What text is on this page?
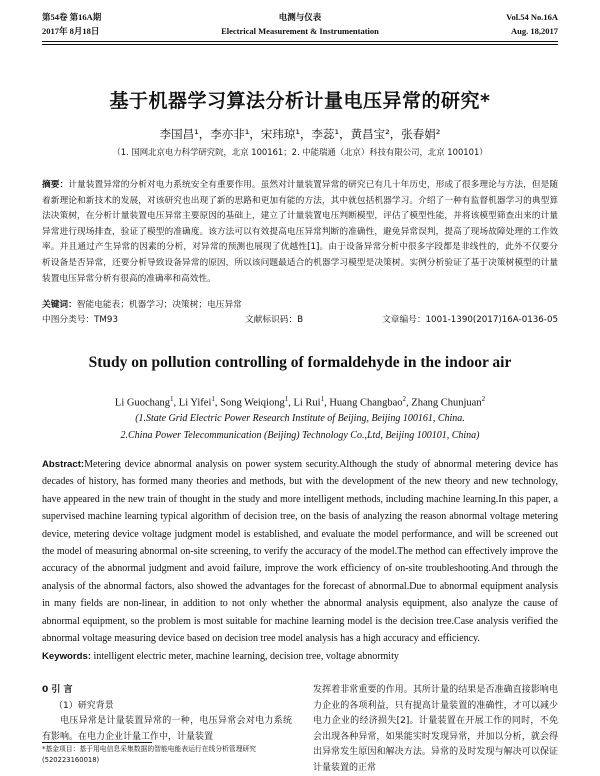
第54卷 第16A期
2017年 8月18日
电测与仪表
Electrical Measurement & Instrumentation
Vol.54 No.16A
Aug. 18,2017
基于机器学习算法分析计量电压异常的研究*
李国昌¹，李亦非¹，宋玮琼¹，李蕊¹，黄昌宝²，张春娟²
（1. 国网北京电力科学研究院，北京 100161；2. 中能瑞通（北京）科技有限公司，北京 100101）
摘要：计量装置异常的分析对电力系统安全有重要作用。虽然对计量装置异常的研究已有几十年历史，形成了很多理论与方法，但是随着新理论和新技术的发展，对该研究也出现了新的思路和更加有能的方法，其中就包括机器学习。介绍了一种有监督机器学习的典型算法决策树，在分析计量装置电压异常主要原因的基础上，建立了计量装置电压判断模型，评估了模型性能，并将该模型筛查出来的计量异常进行现场排查，验证了模型的准确度。该方法可以有效提高电压异常判断的准确性，避免异常误判，提高了现场故障处理的工作效率。并且通过产生异常的因素的分析，对异常的预测也展现了优越性[1]。由于设备异常分析中很多字段都是非线性的，此外不仅要分析设备是否异常，还要分析导致设备异常的原因，所以该问题最适合的机器学习模型是决策树。实例分析验证了基于决策树模型的计量装置电压异常分析有很高的准确率和高效性。
关键词：智能电能表；机器学习；决策树；电压异常
中图分类号：TM93	文献标识码：B	文章编号：1001-1390(2017)16A-0136-05
Study on pollution controlling of formaldehyde in the indoor air
Li Guochang$^1$, Li Yifei$^1$, Song Weiqiong$^1$, Li Rui$^1$, Huang Changbao$^2$, Zhang Chunjuan$^2$
(1.State Grid Electric Power Research Institute of Beijing, Beijing 100161, China.
2.China Power Telecommunication (Beijing) Technology Co.,Ltd, Beijing 100101, China)
Abstract:Metering device abnormal analysis on power system security.Although the study of abnormal metering device has decades of history, has formed many theories and methods, but with the development of the new theory and new technology, have appeared in the new train of thought in the study and more intelligent methods, including machine learning.In this paper, a supervised machine learning typical algorithm of decision tree, on the basis of analyzing the reason abnormal voltage metering device, metering device voltage judgment model is established, and evaluate the model performance, and will be screened out the model of measuring abnormal on-site screening, to verify the accuracy of the model.The method can effectively improve the accuracy of the abnormal judgment and avoid failure, improve the work efficiency of on-site troubleshooting.And through the analysis of the abnormal factors, also showed the advantages for the forecast of abnormal.Due to abnormal equipment analysis in many fields are non-linear, in addition to not only whether the abnormal analysis equipment, also analyze the cause of abnormal equipment, so the problem is most suitable for machine learning model is the decision tree.Case analysis verified the abnormal voltage measuring device based on decision tree model analysis has a high accuracy and efficiency.
Keywords: intelligent electric meter, machine learning, decision tree, voltage abnormity
0 引 言
（1）研究背景
电压异常是计量装置异常的一种，电压异常会对电力系统有影响。在电力企业计量工作中，计量装置
发挥着非常重要的作用。其所计量的结果是否准确直接影响电力企业的各项利益，只有提高计量装置的准确性，才可以减少电力企业的经济损失[2]。计量装置在开展工作的同时，不免会出现各种异常，如果能实时发现异常，并加以分析，就会得出异常发生原因和解决方法。异常的及时发现与解决可以保证计量装置的正常
*基金项目：基于用电信息采集数据的智能电能表运行在线分析管理研究(520223160018)
